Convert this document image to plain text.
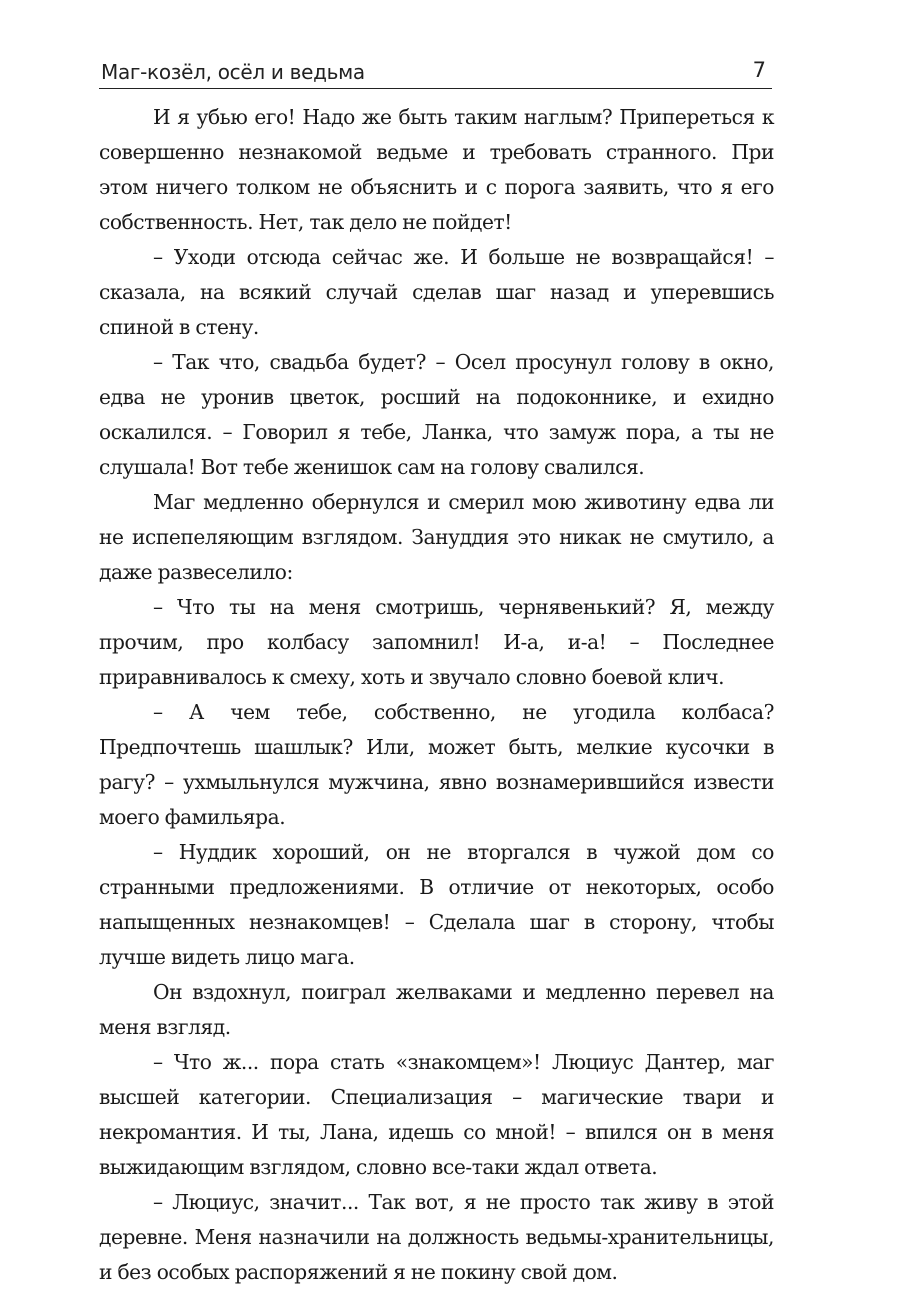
Маг-козёл, осёл и ведьма	7

И я убью его! Надо же быть таким наглым? Припереться к совершенно незнакомой ведьме и требовать странного. При этом ничего толком не объяснить и с порога заявить, что я его собственность. Нет, так дело не пойдет!

– Уходи отсюда сейчас же. И больше не возвращайся! – сказала, на всякий случай сделав шаг назад и уперевшись спиной в стену.

– Так что, свадьба будет? – Осел просунул голову в окно, едва не уронив цветок, росший на подоконнике, и ехидно оскалился. – Говорил я тебе, Ланка, что замуж пора, а ты не слушала! Вот тебе женишок сам на голову свалился.

Маг медленно обернулся и смерил мою животину едва ли не испепеляющим взглядом. Зануддия это никак не смутило, а даже развеселило:

– Что ты на меня смотришь, чернявенький? Я, между прочим, про колбасу запомнил! И-а, и-а! – Последнее приравнивалось к смеху, хоть и звучало словно боевой клич.

– А чем тебе, собственно, не угодила колбаса? Предпочтешь шашлык? Или, может быть, мелкие кусочки в рагу? – ухмыльнулся мужчина, явно вознамерившийся извести моего фамильяра.

– Нуддик хороший, он не вторгался в чужой дом со странными предложениями. В отличие от некоторых, особо напыщенных незнакомцев! – Сделала шаг в сторону, чтобы лучше видеть лицо мага.

Он вздохнул, поиграл желваками и медленно перевел на меня взгляд.

– Что ж... пора стать «знакомцем»! Люциус Дантер, маг высшей категории. Специализация – магические твари и некромантия. И ты, Лана, идешь со мной! – впился он в меня выжидающим взглядом, словно все-таки ждал ответа.

– Люциус, значит... Так вот, я не просто так живу в этой деревне. Меня назначили на должность ведьмы-хранительницы, и без особых распоряжений я не покину свой дом.
